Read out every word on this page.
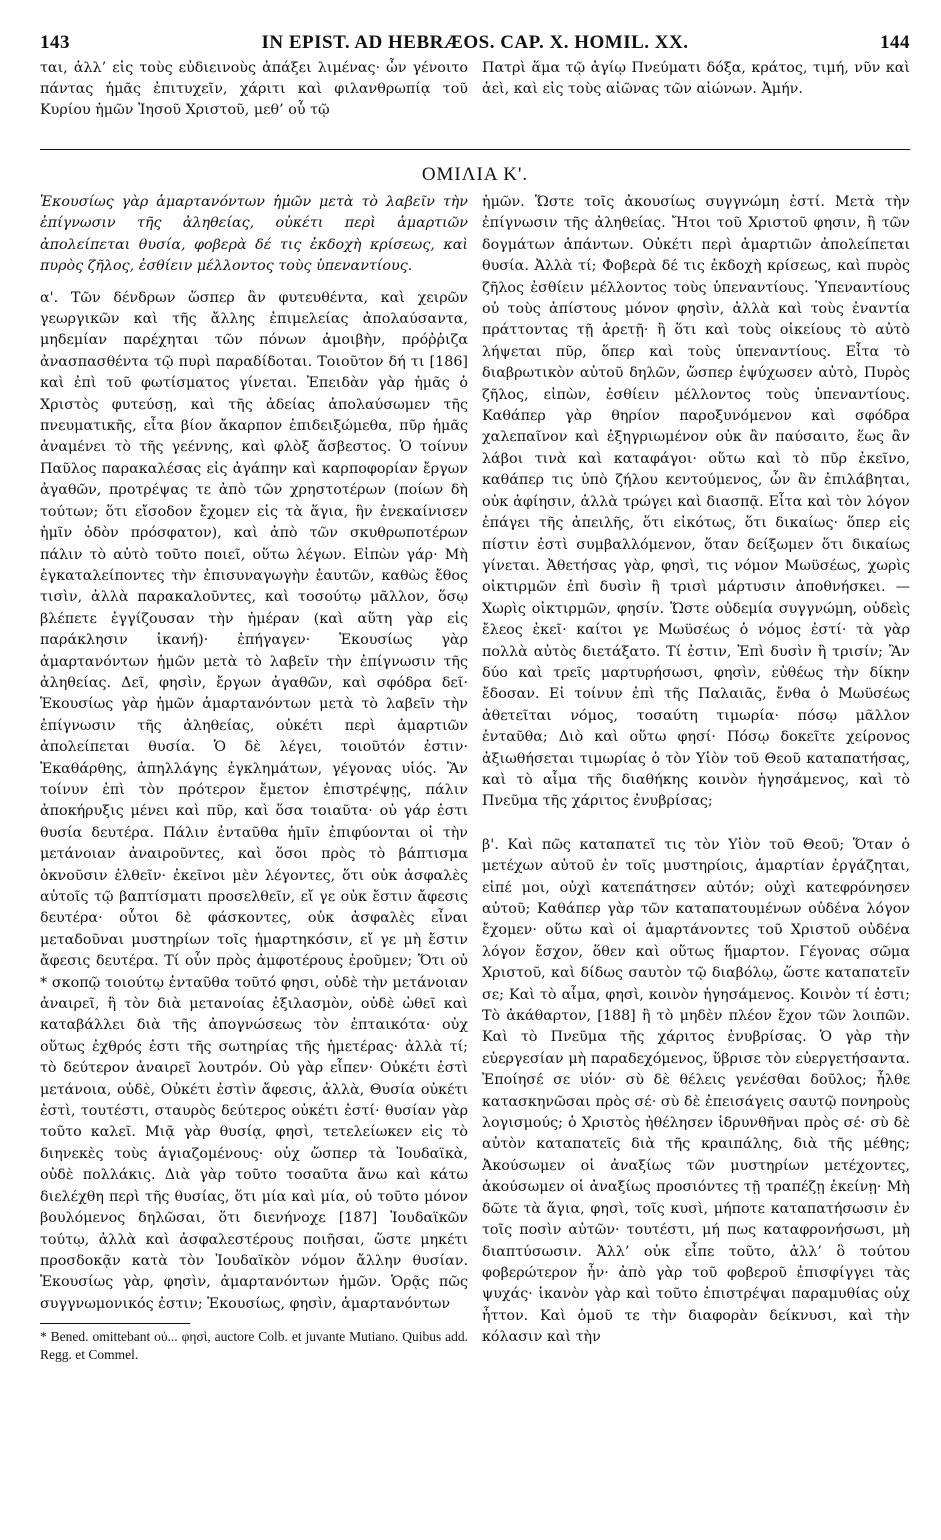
143	IN EPIST. AD HEBRÆOS. CAP. X. HOMIL. XX.	144

ται, ἀλλ’ εἰς τοὺς εὐδιεινοὺς ἀπάξει λιμένας· ὧν γένοιτο πάντας ἡμᾶς ἐπιτυχεῖν, χάριτι καὶ φιλανθρωπίᾳ τοῦ Κυρίου ἡμῶν Ἰησοῦ Χριστοῦ, μεθ’ οὗ τῷ

Πατρὶ ἅμα τῷ ἁγίῳ Πνεύματι δόξα, κράτος, τιμή, νῦν καὶ ἀεὶ, καὶ εἰς τοὺς αἰῶνας τῶν αἰώνων. Ἀμήν.

ΟΜΙΛΙΑ Κ'.

Ἑκουσίως γὰρ ἁμαρτανόντων ἡμῶν μετὰ τὸ λαβεῖν τὴν ἐπίγνωσιν τῆς ἀληθείας, οὐκέτι περὶ ἁμαρτιῶν ἀπολείπεται θυσία, φοβερὰ δέ τις ἐκδοχὴ κρίσεως, καὶ πυρὸς ζῆλος, ἐσθίειν μέλλοντος τοὺς ὑπεναντίους.

α'. Τῶν δένδρων ὥσπερ ἂν φυτευθέντα, καὶ χειρῶν γεωργικῶν καὶ τῆς ἄλλης ἐπιμελείας ἀπολαύσαντα, μηδεμίαν παρέχηται τῶν πόνων ἀμοιβὴν, πρόῤῥιζα ἀνασπασθέντα τῷ πυρὶ παραδίδοται. Τοιοῦτον δή τι [186] καὶ ἐπὶ τοῦ φωτίσματος γίνεται. Ἐπειδὰν γὰρ ἡμᾶς ὁ Χριστὸς φυτεύσῃ, καὶ τῆς ἀδείας ἀπολαύσωμεν τῆς πνευματικῆς, εἶτα βίον ἄκαρπον ἐπιδειξώμεθα, πῦρ ἡμᾶς ἀναμένει τὸ τῆς γεέννης, καὶ φλὸξ ἄσβεστος. Ὁ τοίνυν Παῦλος παρακαλέσας εἰς ἀγάπην καὶ καρποφορίαν ἔργων ἀγαθῶν, προτρέψας τε ἀπὸ τῶν χρηστοτέρων (ποίων δὴ τούτων; ὅτι εἴσοδον ἔχομεν εἰς τὰ ἅγια, ἣν ἐνεκαίνισεν ἡμῖν ὁδὸν πρόσφατον), καὶ ἀπὸ τῶν σκυθρωποτέρων πάλιν τὸ αὐτὸ τοῦτο ποιεῖ, οὕτω λέγων. Εἰπὼν γάρ· Μὴ ἐγκαταλείποντες τὴν ἐπισυναγωγὴν ἑαυτῶν, καθὼς ἔθος τισὶν, ἀλλὰ παρακαλοῦντες, καὶ τοσούτῳ μᾶλλον, ὅσῳ βλέπετε ἐγγίζουσαν τὴν ἡμέραν (καὶ αὕτη γὰρ εἰς παράκλησιν ἱκανή)· ἐπήγαγεν· Ἑκουσίως γὰρ ἁμαρτανόντων ἡμῶν μετὰ τὸ λαβεῖν τὴν ἐπίγνωσιν τῆς ἀληθείας. Δεῖ, φησὶν, ἔργων ἀγαθῶν, καὶ σφόδρα δεῖ· Ἑκουσίως γὰρ ἡμῶν ἁμαρτανόντων μετὰ τὸ λαβεῖν τὴν ἐπίγνωσιν τῆς ἀληθείας, οὐκέτι περὶ ἁμαρτιῶν ἀπολείπεται θυσία. Ὁ δὲ λέγει, τοιοῦτόν ἐστιν· Ἐκαθάρθης, ἀπηλλάγης ἐγκλημάτων, γέγονας υἱός. Ἂν τοίνυν ἐπὶ τὸν πρότερον ἔμετον ἐπιστρέψῃς, πάλιν ἀποκήρυξις μένει καὶ πῦρ, καὶ ὅσα τοιαῦτα· οὐ γάρ ἐστι θυσία δευτέρα. Πάλιν ἐνταῦθα ἡμῖν ἐπιφύονται οἱ τὴν μετάνοιαν ἀναιροῦντες, καὶ ὅσοι πρὸς τὸ βάπτισμα ὀκνοῦσιν ἐλθεῖν· ἐκεῖνοι μὲν λέγοντες, ὅτι οὐκ ἀσφαλὲς αὐτοῖς τῷ βαπτίσματι προσελθεῖν, εἴ γε οὐκ ἔστιν ἄφεσις δευτέρα· οὗτοι δὲ φάσκοντες, οὐκ ἀσφαλὲς εἶναι μεταδοῦναι μυστηρίων τοῖς ἡμαρτηκόσιν, εἴ γε μὴ ἔστιν ἄφεσις δευτέρα. Τί οὖν πρὸς ἀμφοτέρους ἐροῦμεν; Ὅτι οὐ * σκοπῷ τοιούτῳ ἐνταῦθα τοῦτό φησι, οὐδὲ τὴν μετάνοιαν ἀναιρεῖ, ἢ τὸν διὰ μετανοίας ἐξιλασμὸν, οὐδὲ ὠθεῖ καὶ καταβάλλει διὰ τῆς ἀπογνώσεως τὸν ἐπταικότα· οὐχ οὕτως ἐχθρός ἐστι τῆς σωτηρίας τῆς ἡμετέρας· ἀλλὰ τί; τὸ δεύτερον ἀναιρεῖ λουτρόν. Οὐ γὰρ εἶπεν· Οὐκέτι ἐστὶ μετάνοια, οὐδὲ, Οὐκέτι ἐστὶν ἄφεσις, ἀλλὰ, Θυσία οὐκέτι ἐστὶ, τουτέστι, σταυρὸς δεύτερος οὐκέτι ἐστί· θυσίαν γὰρ τοῦτο καλεῖ. Μιᾷ γὰρ θυσίᾳ, φησὶ, τετελείωκεν εἰς τὸ διηνεκὲς τοὺς ἁγιαζομένους· οὐχ ὥσπερ τὰ Ἰουδαϊκὰ, οὐδὲ πολλάκις. Διὰ γὰρ τοῦτο τοσαῦτα ἄνω καὶ κάτω διελέχθη περὶ τῆς θυσίας, ὅτι μία καὶ μία, οὐ τοῦτο μόνον βουλόμενος δηλῶσαι, ὅτι διενήνοχε [187] Ἰουδαϊκῶν τούτῳ, ἀλλὰ καὶ ἀσφαλεστέρους ποιῆσαι, ὥστε μηκέτι προσδοκᾷν κατὰ τὸν Ἰουδαϊκὸν νόμον ἄλλην θυσίαν. Ἑκουσίως γὰρ, φησὶν, ἁμαρτανόντων ἡμῶν. Ὁρᾷς πῶς συγγνωμονικός ἐστιν; Ἑκουσίως, φησὶν, ἁμαρτανόντων

* Bened. omittebant οὐ... φησὶ, auctore Colb. et juvante Mutiano. Quibus add. Regg. et Commel.

ἡμῶν. Ὥστε τοῖς ἀκουσίως συγγνώμη ἐστί. Μετὰ τὴν ἐπίγνωσιν τῆς ἀληθείας. Ἤτοι τοῦ Χριστοῦ φησιν, ἢ τῶν δογμάτων ἁπάντων. Οὐκέτι περὶ ἁμαρτιῶν ἀπολείπεται θυσία. Ἀλλὰ τί; Φοβερὰ δέ τις ἐκδοχὴ κρίσεως, καὶ πυρὸς ζῆλος ἐσθίειν μέλλοντος τοὺς ὑπεναντίους. Ὑπεναντίους οὐ τοὺς ἀπίστους μόνον φησὶν, ἀλλὰ καὶ τοὺς ἐναντία πράττοντας τῇ ἀρετῇ· ἢ ὅτι καὶ τοὺς οἰκείους τὸ αὐτὸ λήψεται πῦρ, ὅπερ καὶ τοὺς ὑπεναντίους. Εἶτα τὸ διαβρωτικὸν αὐτοῦ δηλῶν, ὥσπερ ἐψύχωσεν αὐτὸ, Πυρὸς ζῆλος, εἰπὼν, ἐσθίειν μέλλοντος τοὺς ὑπεναντίους. Καθάπερ γὰρ θηρίον παροξυνόμενον καὶ σφόδρα χαλεπαῖνον καὶ ἐξηγριωμένον οὐκ ἂν παύσαιτο, ἕως ἂν λάβοι τινὰ καὶ καταφάγοι· οὕτω καὶ τὸ πῦρ ἐκεῖνο, καθάπερ τις ὑπὸ ζήλου κεντούμενος, ὧν ἂν ἐπιλάβηται, οὐκ ἀφίησιν, ἀλλὰ τρώγει καὶ διασπᾷ. Εἶτα καὶ τὸν λόγον ἐπάγει τῆς ἀπειλῆς, ὅτι εἰκότως, ὅτι δικαίως· ὅπερ εἰς πίστιν ἐστὶ συμβαλλόμενον, ὅταν δείξωμεν ὅτι δικαίως γίνεται. Ἀθετήσας γὰρ, φησὶ, τις νόμον Μωϋσέως, χωρὶς οἰκτιρμῶν ἐπὶ δυσὶν ἢ τρισὶ μάρτυσιν ἀποθνήσκει. — Χωρὶς οἰκτιρμῶν, φησίν. Ὥστε οὐδεμία συγγνώμη, οὐδεὶς ἔλεος ἐκεῖ· καίτοι γε Μωϋσέως ὁ νόμος ἐστί· τὰ γὰρ πολλὰ αὐτὸς διετάξατο. Τί ἐστιν, Ἐπὶ δυσὶν ἢ τρισίν; Ἂν δύο καὶ τρεῖς μαρτυρήσωσι, φησὶν, εὐθέως τὴν δίκην ἔδοσαν. Εἰ τοίνυν ἐπὶ τῆς Παλαιᾶς, ἔνθα ὁ Μωϋσέως ἀθετεῖται νόμος, τοσαύτη τιμωρία· πόσῳ μᾶλλον ἐνταῦθα; Διὸ καὶ οὕτω φησί· Πόσῳ δοκεῖτε χείρονος ἀξιωθήσεται τιμωρίας ὁ τὸν Υἱὸν τοῦ Θεοῦ καταπατήσας, καὶ τὸ αἷμα τῆς διαθήκης κοινὸν ἡγησάμενος, καὶ τὸ Πνεῦμα τῆς χάριτος ἐνυβρίσας;

β'. Καὶ πῶς καταπατεῖ τις τὸν Υἱὸν τοῦ Θεοῦ; Ὅταν ὁ μετέχων αὐτοῦ ἐν τοῖς μυστηρίοις, ἁμαρτίαν ἐργάζηται, εἰπέ μοι, οὐχὶ κατεπάτησεν αὐτόν; οὐχὶ κατεφρόνησεν αὐτοῦ; Καθάπερ γὰρ τῶν καταπατουμένων οὐδένα λόγον ἔχομεν· οὕτω καὶ οἱ ἁμαρτάνοντες τοῦ Χριστοῦ οὐδένα λόγον ἔσχον, ὅθεν καὶ οὕτως ἥμαρτον. Γέγονας σῶμα Χριστοῦ, καὶ δίδως σαυτὸν τῷ διαβόλῳ, ὥστε καταπατεῖν σε; Καὶ τὸ αἷμα, φησὶ, κοινὸν ἡγησάμενος. Κοινὸν τί ἐστι; Τὸ ἀκάθαρτον, [188] ἢ τὸ μηδὲν πλέον ἔχον τῶν λοιπῶν. Καὶ τὸ Πνεῦμα τῆς χάριτος ἐνυβρίσας. Ὁ γὰρ τὴν εὐεργεσίαν μὴ παραδεχόμενος, ὕβρισε τὸν εὐεργετήσαντα. Ἐποίησέ σε υἱόν· σὺ δὲ θέλεις γενέσθαι δοῦλος; ἦλθε κατασκηνῶσαι πρὸς σέ· σὺ δὲ ἐπεισάγεις σαυτῷ πονηροὺς λογισμούς; ὁ Χριστὸς ἠθέλησεν ἱδρυνθῆναι πρὸς σέ· σὺ δὲ αὐτὸν καταπατεῖς διὰ τῆς κραιπάλης, διὰ τῆς μέθης; Ἀκούσωμεν οἱ ἀναξίως τῶν μυστηρίων μετέχοντες, ἀκούσωμεν οἱ ἀναξίως προσιόντες τῇ τραπέζῃ ἐκείνῃ· Μὴ δῶτε τὰ ἅγια, φησὶ, τοῖς κυσὶ, μήποτε καταπατήσωσιν ἐν τοῖς ποσὶν αὐτῶν· τουτέστι, μή πως καταφρονήσωσι, μὴ διαπτύσωσιν. Ἀλλ’ οὐκ εἶπε τοῦτο, ἀλλ’ ὃ τούτου φοβερώτερον ἦν· ἀπὸ γὰρ τοῦ φοβεροῦ ἐπισφίγγει τὰς ψυχάς· ἱκανὸν γὰρ καὶ τοῦτο ἐπιστρέψαι παραμυθίας οὐχ ἧττον. Καὶ ὁμοῦ τε τὴν διαφορὰν δείκνυσι, καὶ τὴν κόλασιν καὶ τὴν
